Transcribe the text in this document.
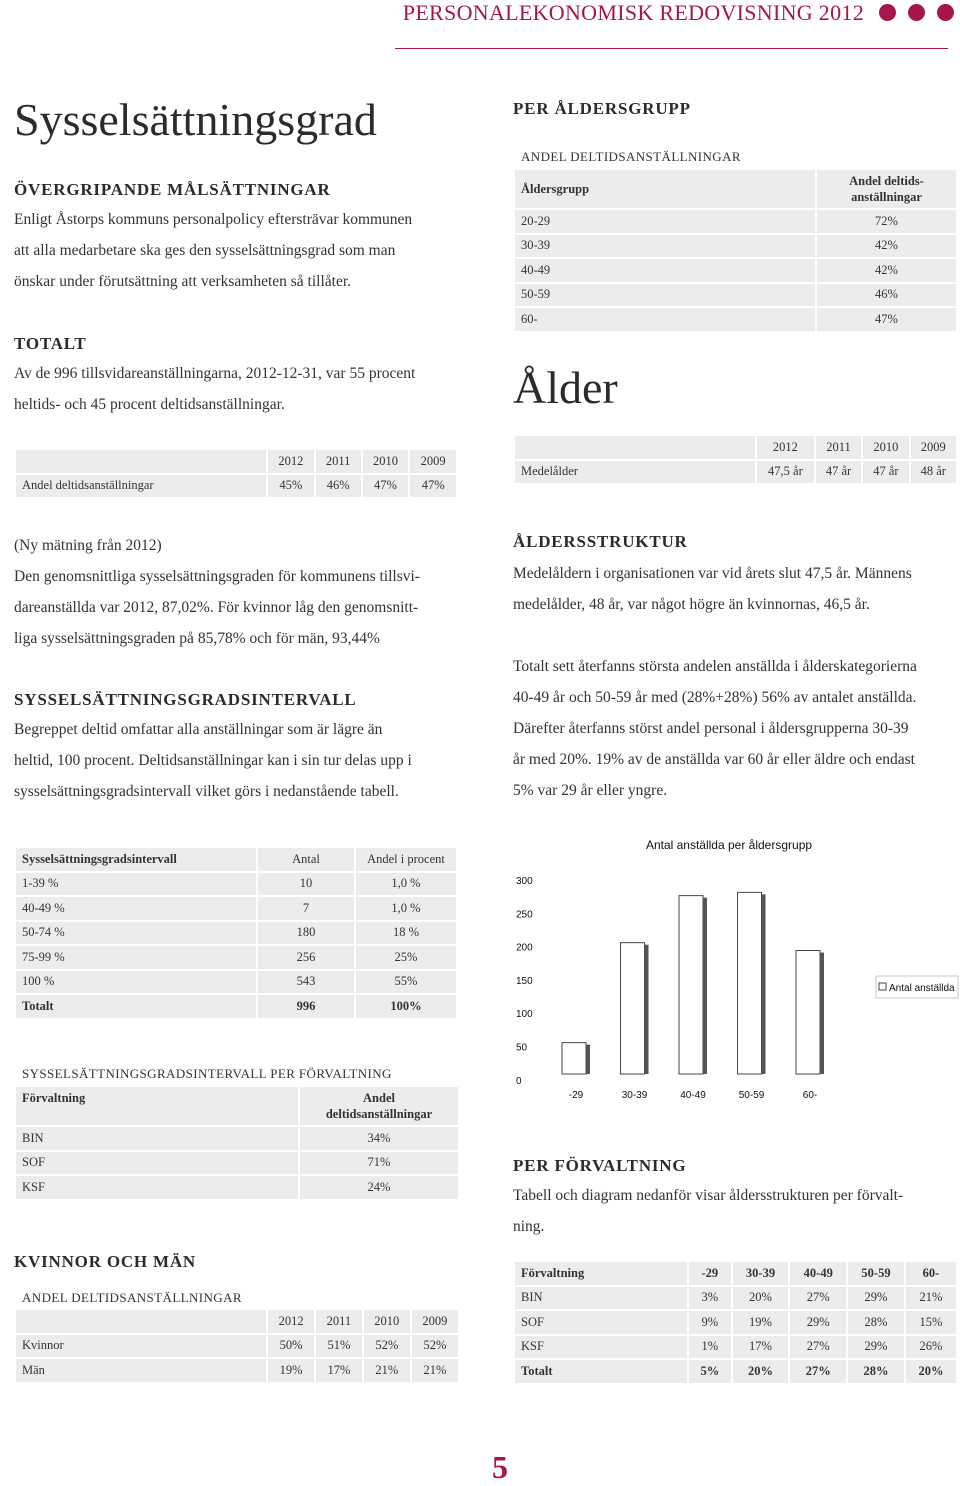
PERSONALEKONOMISK REDOVISNING 2012
Sysselsättningsgrad
ÖVERGRIPANDE MÅLSÄTTNINGAR
Enligt Åstorps kommuns personalpolicy eftersträvar kommunen
att alla medarbetare ska ges den sysselsättningsgrad som man
önskar under förutsättning att verksamheten så tillåter.
TOTALT
Av de 996 tillsvidareanställningarna, 2012-12-31, var 55 procent
heltids- och 45 procent deltidsanställningar.
	2012	2011	2010	2009
Andel deltidsanställningar	45%	46%	47%	47%
(Ny mätning från 2012)
Den genomsnittliga sysselsättningsgraden för kommunens tillsvi-
dareanställda var 2012, 87,02%. För kvinnor låg den genomsnitt-
liga sysselsättningsgraden på 85,78% och för män, 93,44%
SYSSELSÄTTNINGSGRADSINTERVALL
Begreppet deltid omfattar alla anställningar som är lägre än
heltid, 100 procent. Deltidsanställningar kan i sin tur delas upp i
sysselsättningsgradsintervall vilket görs i nedanstående tabell.
Sysselsättningsgradsintervall	Antal	Andel i procent
1-39 %	10	1,0 %
40-49 %	7	1,0 %
50-74 %	180	18 %
75-99 %	256	25%
100 %	543	55%
Totalt	996	100%
SYSSELSÄTTNINGSGRADSINTERVALL PER FÖRVALTNING
Förvaltning	Andel
deltidsanställningar

BIN	34%
SOF	71%
KSF	24%
KVINNOR OCH MÄN
ANDEL DELTIDSANSTÄLLNINGAR
	2012	2011	2010	2009
Kvinnor	50%	51%	52%	52%
Män	19%	17%	21%	21%
PER ÅLDERSGRUPP
ANDEL DELTIDSANSTÄLLNINGAR
Åldersgrupp	Andel deltids-
anställningar

20-29	72%
30-39	42%
40-49	42%
50-59	46%
60-	47%
Ålder
	2012	2011	2010	2009
Medelålder	47,5 år	47 år	47 år	48 år
ÅLDERSSTRUKTUR
Medelåldern i organisationen var vid årets slut 47,5 år. Männens
medelålder, 48 år, var något högre än kvinnornas, 46,5 år.
Totalt sett återfanns största andelen anställda i ålderskategorierna
40-49 år och 50-59 år med (28%+28%) 56% av antalet anställda.
Därefter återfanns störst andel personal i åldersgrupperna 30-39
år med 20%. 19% av de anställda var 60 år eller äldre och endast
5% var 29 år eller yngre.
Antal anställda per åldersgrupp
300
250
200
150
100
50
0
-29	30-39	40-49	50-59	60-
Antal anställda
PER FÖRVALTNING
Tabell och diagram nedanför visar åldersstrukturen per förvalt-
ning.
Förvaltning	-29	30-39	40-49	50-59	60-
BIN	3%	20%	27%	29%	21%
SOF	9%	19%	29%	28%	15%
KSF	1%	17%	27%	29%	26%
Totalt	5%	20%	27%	28%	20%
5
